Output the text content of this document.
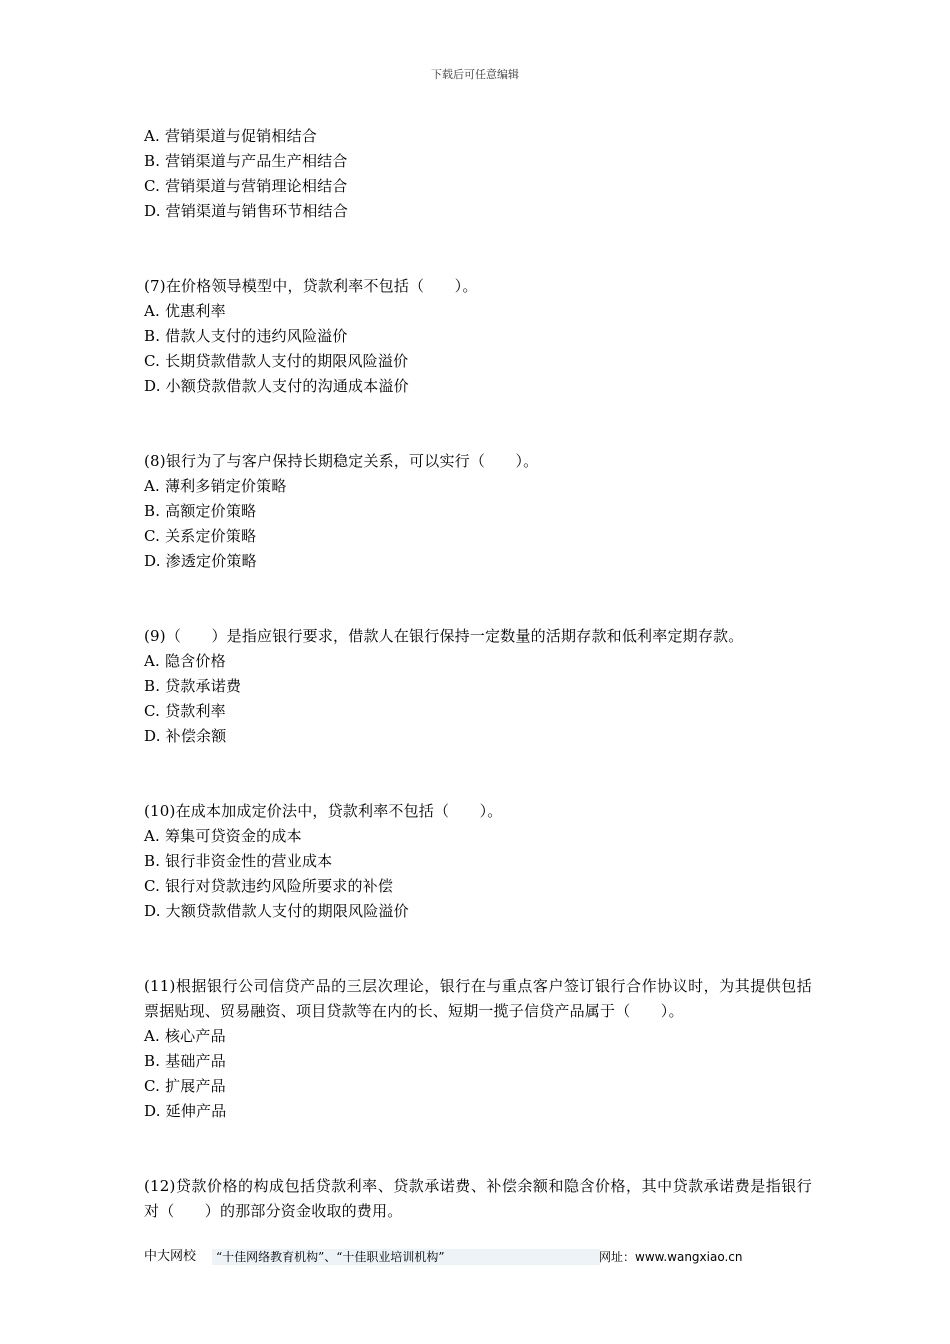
下载后可任意编辑
A. 营销渠道与促销相结合
B. 营销渠道与产品生产相结合
C. 营销渠道与营销理论相结合
D. 营销渠道与销售环节相结合
(7)在价格领导模型中，贷款利率不包括（　　）。
A. 优惠利率
B. 借款人支付的违约风险溢价
C. 长期贷款借款人支付的期限风险溢价
D. 小额贷款借款人支付的沟通成本溢价
(8)银行为了与客户保持长期稳定关系，可以实行（　　）。
A. 薄利多销定价策略
B. 高额定价策略
C. 关系定价策略
D. 渗透定价策略
(9)（　　）是指应银行要求，借款人在银行保持一定数量的活期存款和低利率定期存款。
A. 隐含价格
B. 贷款承诺费
C. 贷款利率
D. 补偿余额
(10)在成本加成定价法中，贷款利率不包括（　　）。
A. 筹集可贷资金的成本
B. 银行非资金性的营业成本
C. 银行对贷款违约风险所要求的补偿
D. 大额贷款借款人支付的期限风险溢价
(11)根据银行公司信贷产品的三层次理论，银行在与重点客户签订银行合作协议时，为其提供包括票据贴现、贸易融资、项目贷款等在内的长、短期一揽子信贷产品属于（　　）。
A. 核心产品
B. 基础产品
C. 扩展产品
D. 延伸产品
(12)贷款价格的构成包括贷款利率、贷款承诺费、补偿余额和隐含价格，其中贷款承诺费是指银行对（　　）的那部分资金收取的费用。
中大网校	“十佳网络教育机构”、“十佳职业培训机构”	网址：www.wangxiao.cn
